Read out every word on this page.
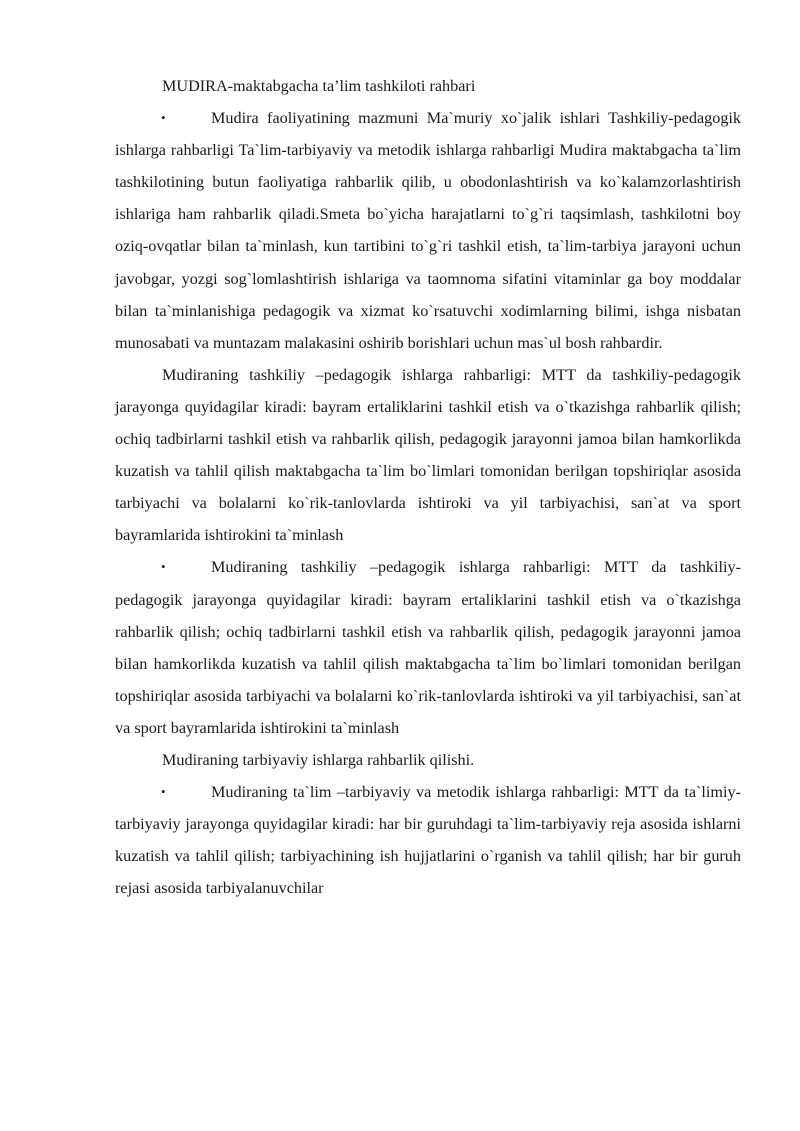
MUDIRA-maktabgacha ta’lim tashkiloti rahbari

•	Mudira faoliyatining mazmuni Ma`muriy xo`jalik ishlari Tashkiliy-pedagogik ishlarga rahbarligi Ta`lim-tarbiyaviy va metodik ishlarga rahbarligi Mudira maktabgacha ta`lim tashkilotining butun faoliyatiga rahbarlik qilib, u obodonlashtirish va ko`kalamzorlashtirish ishlariga ham rahbarlik qiladi.Smeta bo`yicha harajatlarni to`g`ri taqsimlash, tashkilotni boy oziq-ovqatlar bilan ta`minlash, kun tartibini to`g`ri tashkil etish, ta`lim-tarbiya jarayoni uchun javobgar, yozgi sog`lomlashtirish ishlariga va taomnoma sifatini vitaminlar ga boy moddalar bilan ta`minlanishiga pedagogik va xizmat ko`rsatuvchi xodimlarning bilimi, ishga nisbatan munosabati va muntazam malakasini oshirib borishlari uchun mas`ul bosh rahbardir.

Mudiraning tashkiliy –pedagogik ishlarga rahbarligi: MTT da tashkiliy-pedagogik jarayonga quyidagilar kiradi: bayram ertaliklarini tashkil etish va o`tkazishga rahbarlik qilish; ochiq tadbirlarni tashkil etish va rahbarlik qilish, pedagogik jarayonni jamoa bilan hamkorlikda kuzatish va tahlil qilish maktabgacha ta`lim bo`limlari tomonidan berilgan topshiriqlar asosida tarbiyachi va bolalarni ko`rik-tanlovlarda ishtiroki va yil tarbiyachisi, san`at va sport bayramlarida ishtirokini ta`minlash

•	Mudiraning tashkiliy –pedagogik ishlarga rahbarligi: MTT da tashkiliy-pedagogik jarayonga quyidagilar kiradi: bayram ertaliklarini tashkil etish va o`tkazishga rahbarlik qilish; ochiq tadbirlarni tashkil etish va rahbarlik qilish, pedagogik jarayonni jamoa bilan hamkorlikda kuzatish va tahlil qilish maktabgacha ta`lim bo`limlari tomonidan berilgan topshiriqlar asosida tarbiyachi va bolalarni ko`rik-tanlovlarda ishtiroki va yil tarbiyachisi, san`at va sport bayramlarida ishtirokini ta`minlash

Mudiraning tarbiyaviy ishlarga rahbarlik qilishi.

•	Mudiraning ta`lim –tarbiyaviy va metodik ishlarga rahbarligi: MTT da ta`limiy-tarbiyaviy jarayonga quyidagilar kiradi: har bir guruhdagi ta`lim-tarbiyaviy reja asosida ishlarni kuzatish va tahlil qilish; tarbiyachining ish hujjatlarini o`rganish va tahlil qilish; har bir guruh rejasi asosida tarbiyalanuvchilar
